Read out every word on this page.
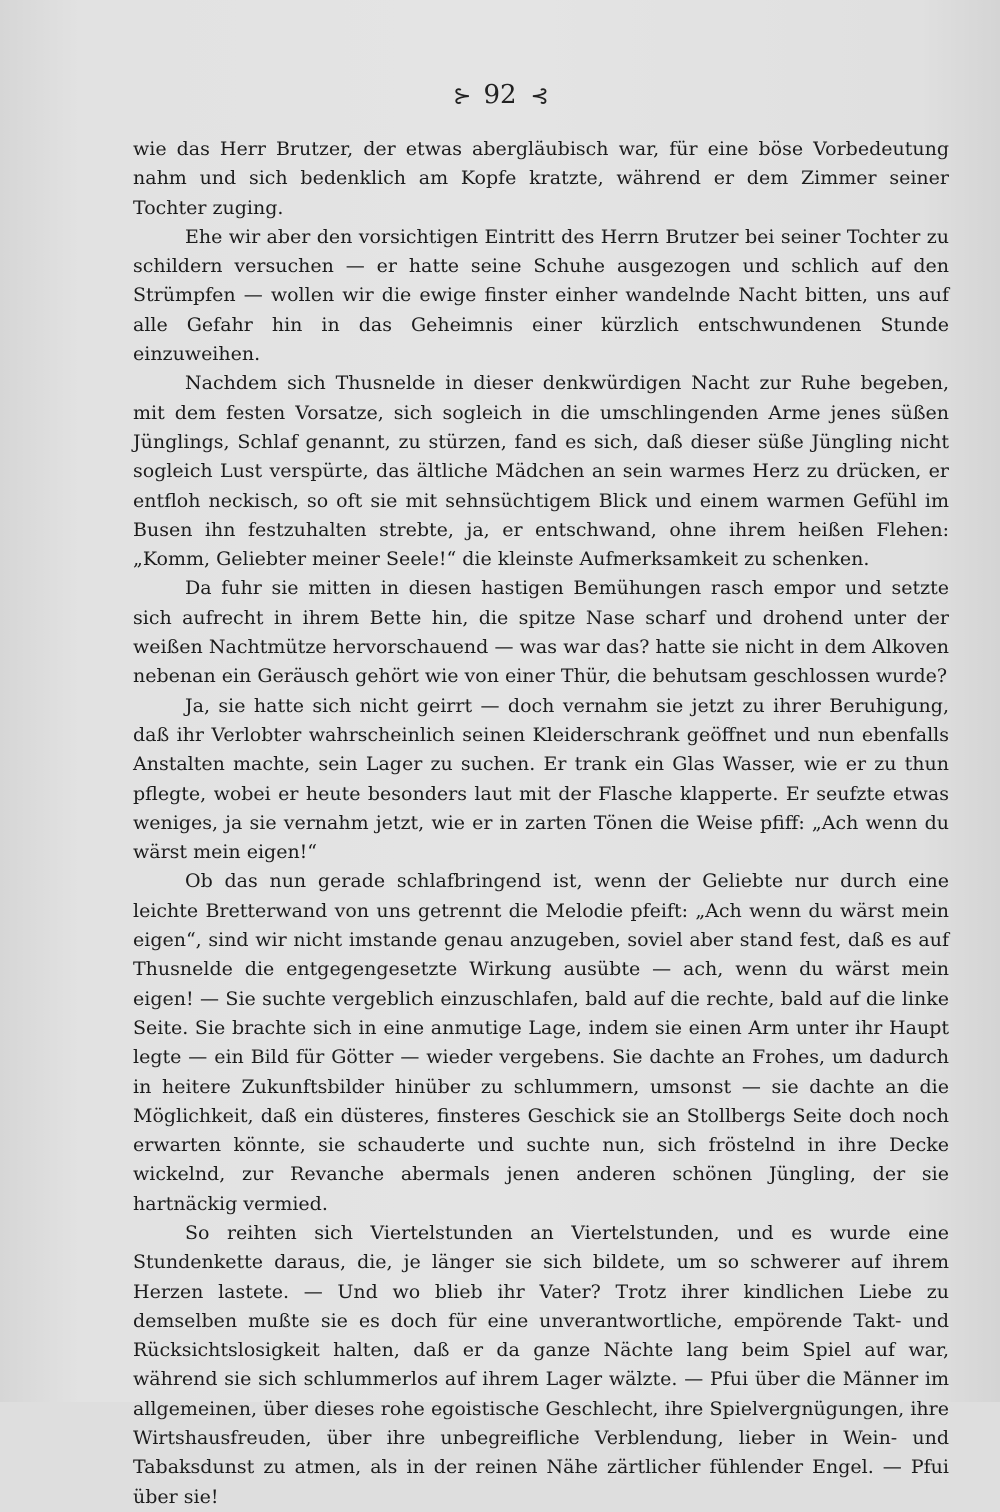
⊱ 92 ⊰

wie das Herr Brutzer, der etwas abergläubisch war, für eine böse Vorbedeutung nahm und sich bedenklich am Kopfe kratzte, während er dem Zimmer seiner Tochter zuging.

Ehe wir aber den vorsichtigen Eintritt des Herrn Brutzer bei seiner Tochter zu schildern versuchen — er hatte seine Schuhe ausgezogen und schlich auf den Strümpfen — wollen wir die ewige finster einher wandelnde Nacht bitten, uns auf alle Gefahr hin in das Geheimnis einer kürzlich entschwundenen Stunde einzuweihen.

Nachdem sich Thusnelde in dieser denkwürdigen Nacht zur Ruhe begeben, mit dem festen Vorsatze, sich sogleich in die umschlingenden Arme jenes süßen Jünglings, Schlaf genannt, zu stürzen, fand es sich, daß dieser süße Jüngling nicht sogleich Lust verspürte, das ältliche Mädchen an sein warmes Herz zu drücken, er entfloh neckisch, so oft sie mit sehnsüchtigem Blick und einem warmen Gefühl im Busen ihn festzuhalten strebte, ja, er entschwand, ohne ihrem heißen Flehen: „Komm, Geliebter meiner Seele!“ die kleinste Aufmerksamkeit zu schenken.

Da fuhr sie mitten in diesen hastigen Bemühungen rasch empor und setzte sich aufrecht in ihrem Bette hin, die spitze Nase scharf und drohend unter der weißen Nachtmütze hervorschauend — was war das? hatte sie nicht in dem Alkoven nebenan ein Geräusch gehört wie von einer Thür, die behutsam geschlossen wurde?

Ja, sie hatte sich nicht geirrt — doch vernahm sie jetzt zu ihrer Beruhigung, daß ihr Verlobter wahrscheinlich seinen Kleiderschrank geöffnet und nun ebenfalls Anstalten machte, sein Lager zu suchen. Er trank ein Glas Wasser, wie er zu thun pflegte, wobei er heute besonders laut mit der Flasche klapperte. Er seufzte etwas weniges, ja sie vernahm jetzt, wie er in zarten Tönen die Weise pfiff: „Ach wenn du wärst mein eigen!“

Ob das nun gerade schlafbringend ist, wenn der Geliebte nur durch eine leichte Bretterwand von uns getrennt die Melodie pfeift: „Ach wenn du wärst mein eigen“, sind wir nicht imstande genau anzugeben, soviel aber stand fest, daß es auf Thusnelde die entgegengesetzte Wirkung ausübte — ach, wenn du wärst mein eigen! — Sie suchte vergeblich einzuschlafen, bald auf die rechte, bald auf die linke Seite. Sie brachte sich in eine anmutige Lage, indem sie einen Arm unter ihr Haupt legte — ein Bild für Götter — wieder vergebens. Sie dachte an Frohes, um dadurch in heitere Zukunftsbilder hinüber zu schlummern, umsonst — sie dachte an die Möglichkeit, daß ein düsteres, finsteres Geschick sie an Stollbergs Seite doch noch erwarten könnte, sie schauderte und suchte nun, sich fröstelnd in ihre Decke wickelnd, zur Revanche abermals jenen anderen schönen Jüngling, der sie hartnäckig vermied.

So reihten sich Viertelstunden an Viertelstunden, und es wurde eine Stundenkette daraus, die, je länger sie sich bildete, um so schwerer auf ihrem Herzen lastete. — Und wo blieb ihr Vater? Trotz ihrer kindlichen Liebe zu demselben mußte sie es doch für eine unverantwortliche, empörende Takt- und Rücksichtslosigkeit halten, daß er da ganze Nächte lang beim Spiel auf war, während sie sich schlummerlos auf ihrem Lager wälzte. — Pfui über die Männer im allgemeinen, über dieses rohe egoistische Geschlecht, ihre Spielvergnügungen, ihre Wirtshausfreuden, über ihre unbegreifliche Verblendung, lieber in Wein- und Tabaksdunst zu atmen, als in der reinen Nähe zärtlicher fühlender Engel. — Pfui über sie!
